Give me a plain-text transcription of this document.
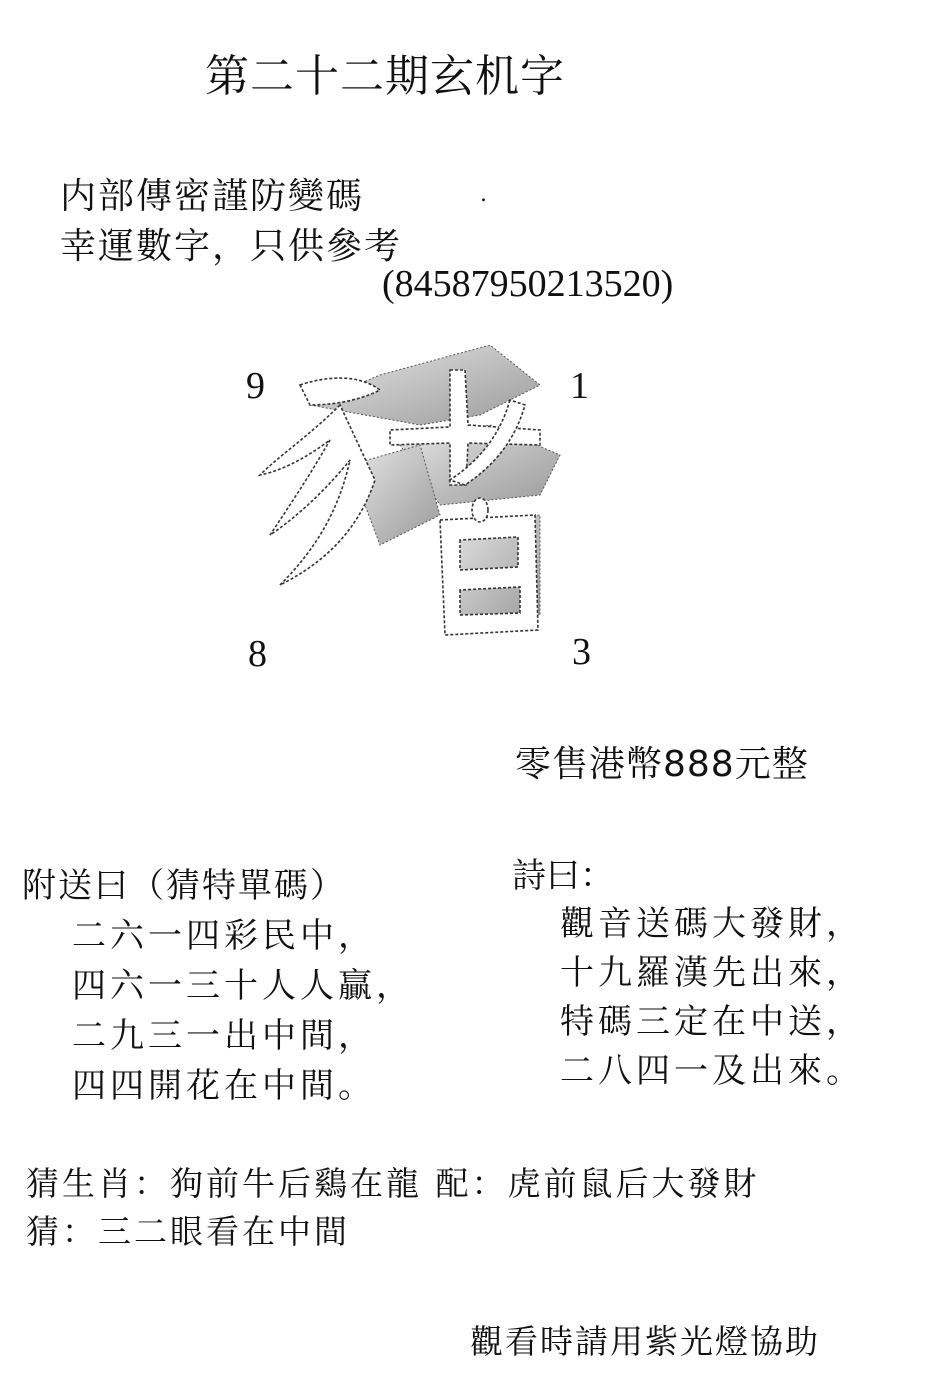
第二十二期玄机字
内部傳密謹防變碼	.
幸運數字，只供參考
(84587950213520)
9	1
8	3
零售港幣888元整
附送曰（猜特單碼）
二六一四彩民中，
四六一三十人人贏，
二九三一出中間，
四四開花在中間。
詩曰：
觀音送碼大發財，
十九羅漢先出來，
特碼三定在中送，
二八四一及出來。
猜生肖：狗前牛后鷄在龍 配：虎前鼠后大發財
猜：三二眼看在中間
觀看時請用紫光燈協助
